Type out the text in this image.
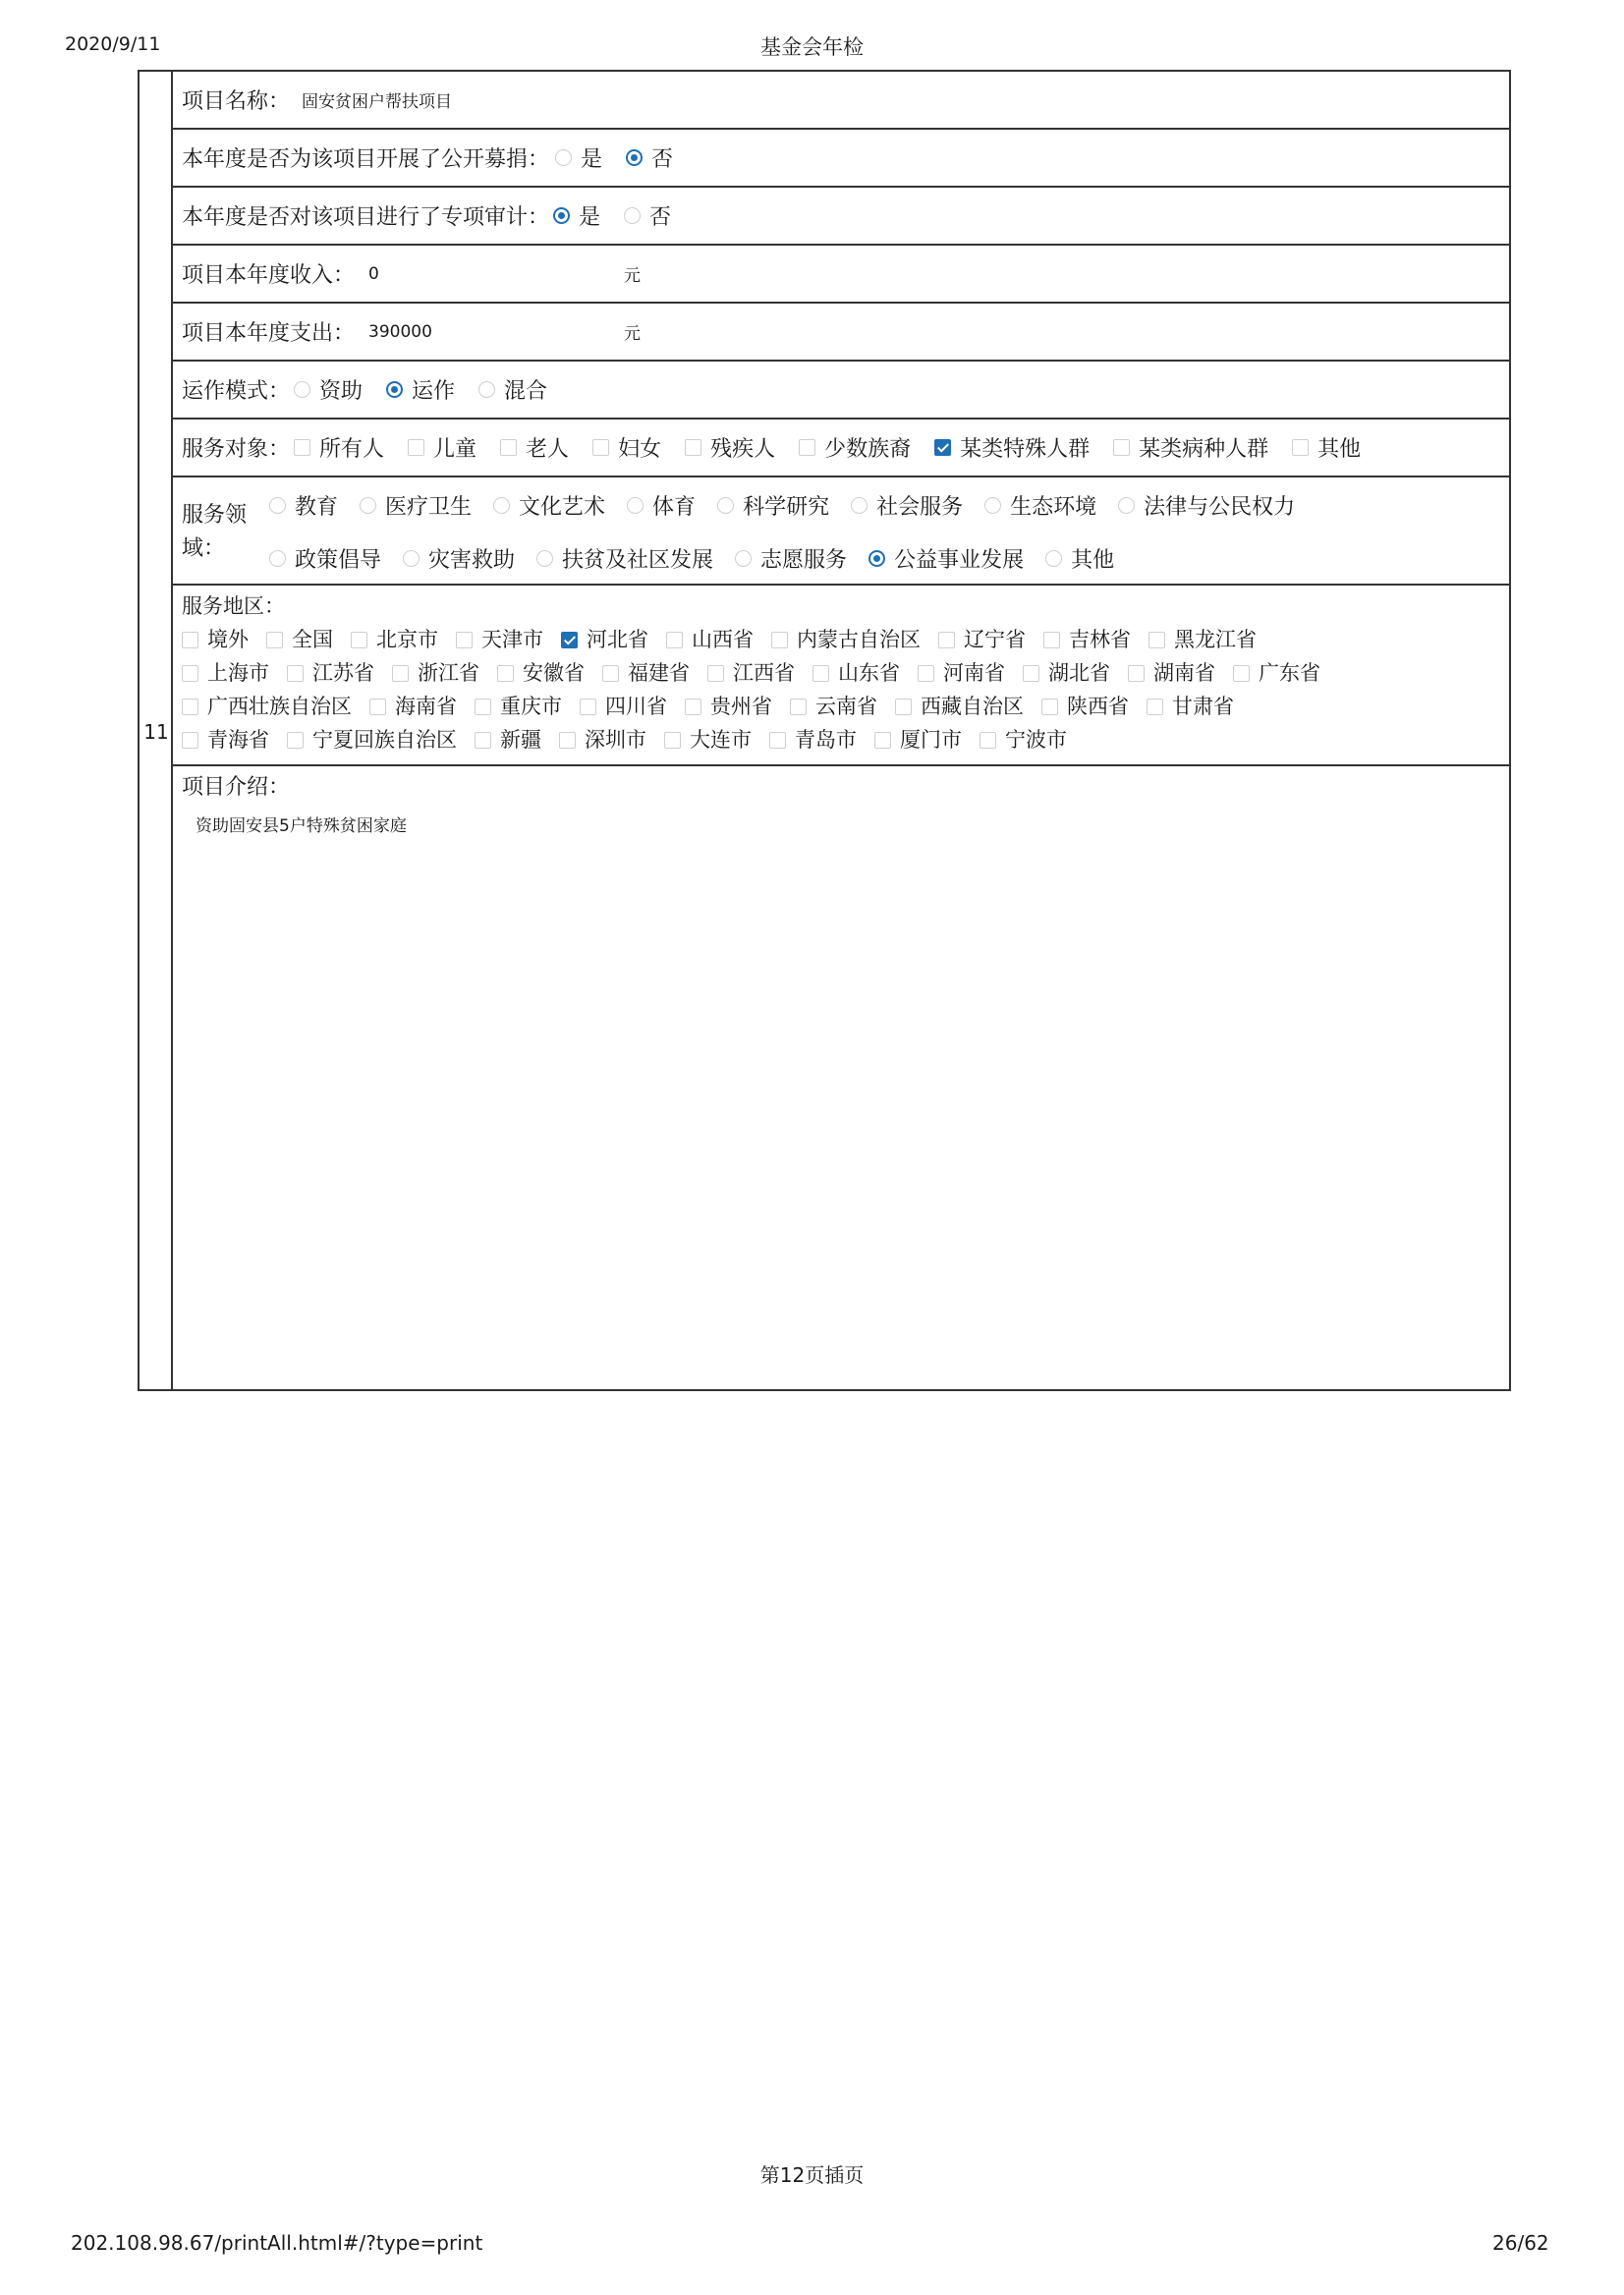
2020/9/11	基金会年检
11
项目名称： 固安贫困户帮扶项目
本年度是否为该项目开展了公开募捐： 是 否
本年度是否对该项目进行了专项审计： 是 否
项目本年度收入： 0	元
项目本年度支出： 390000	元
运作模式： 资助 运作 混合
服务对象： 所有人 儿童 老人 妇女 残疾人 少数族裔 某类特殊人群 某类病种人群 其他
服务领
域：
教育 医疗卫生 文化艺术 体育 科学研究 社会服务 生态环境 法律与公民权力
政策倡导 灾害救助 扶贫及社区发展 志愿服务 公益事业发展 其他
服务地区：
境外 全国 北京市 天津市 河北省 山西省 内蒙古自治区 辽宁省 吉林省 黑龙江省
上海市 江苏省 浙江省 安徽省 福建省 江西省 山东省 河南省 湖北省 湖南省 广东省
广西壮族自治区 海南省 重庆市 四川省 贵州省 云南省 西藏自治区 陕西省 甘肃省
青海省 宁夏回族自治区 新疆 深圳市 大连市 青岛市 厦门市 宁波市
项目介绍：
资助固安县5户特殊贫困家庭
第12页插页
202.108.98.67/printAll.html#/?type=print	26/62
